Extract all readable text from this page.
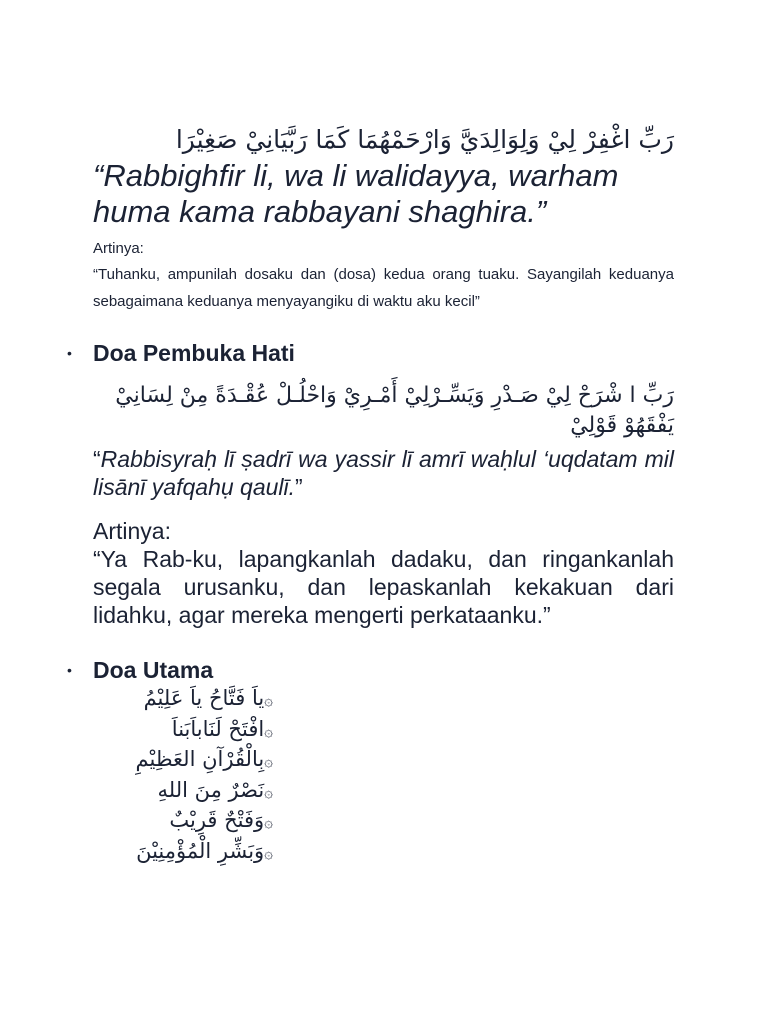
رَبِّ اغْفِرْ لِيْ وَلِوَالِدَيَّ وَارْحَمْهُمَا كَمَا رَبَّيَانِيْ صَغِيْرَا

“Rabbighfir li, wa li walidayya, warham huma kama rabbayani shaghira.”

Artinya:

“Tuhanku, ampunilah dosaku dan (dosa) kedua orang tuaku. Sayangilah keduanya sebagaimana keduanya menyayangiku di waktu aku kecil”

• Doa Pembuka Hati

رَبِّ ا شْرَحْ لِيْ صَـدْرِ وَيَسِّـرْلِيْ أَمْـرِيْ وَاحْلُـلْ عُقْـدَةً مِنْ لِسَانِيْ يَفْقَهُوْ قَوْلِيْ

“Rabbisyraḥ lī ṣadrī wa yassir lī amrī waḥlul ‘uqdatam mil lisānī yafqahụ qaulī.”

Artinya:

“Ya Rab-ku, lapangkanlah dadaku, dan ringankanlah segala urusanku, dan lepaskanlah kekakuan dari lidahku, agar mereka mengerti perkataanku.”

• Doa Utama
۞ياَ فَتَّاحُ ياَ عَلِيْمُ
۞افْتَحْ لَنَاباَبَناَ
۞بِالْقُرْآنِ العَظِيْمِ
۞نَصْرٌ مِنَ اللهِ
۞وَفَتْحٌ قَرِيْبٌ
۞وَبَشِّرِ الْمُؤْمِنِيْنَ
